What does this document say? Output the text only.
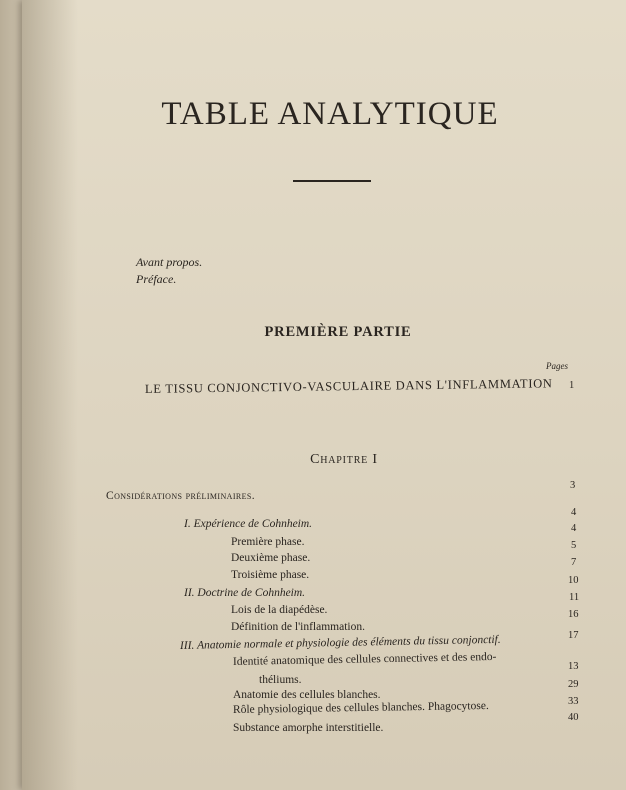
TABLE ANALYTIQUE
Avant propos.
Préface.
PREMIÈRE PARTIE
Pages
LE TISSU CONJONCTIVO-VASCULAIRE DANS L'INFLAMMATION 1
Chapitre I
Considérations préliminaires.
3
I. Expérience de Cohnheim.
4
Première phase.
4
Deuxième phase.
5
Troisième phase.
7
II. Doctrine de Cohnheim.
10
Lois de la diapédèse.
11
Définition de l'inflammation.
16
III. Anatomie normale et physiologie des éléments du tissu conjonctif.	17
Identité anatomique des cellules connectives et des endo-
théliums.
13
Anatomie des cellules blanches.
29
Rôle physiologique des cellules blanches. Phagocytose.	33
Substance amorphe interstitielle.
40
